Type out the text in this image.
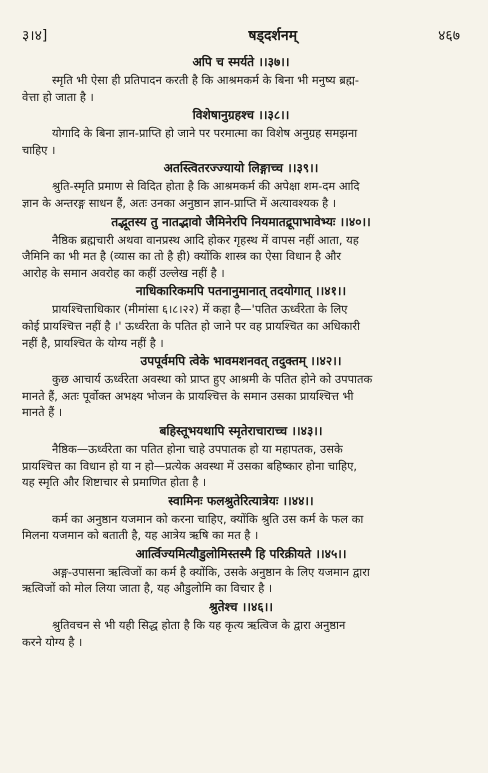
३।४]	षड्दर्शनम्	४६७
अपि च स्मर्यते ।।३७।।
स्मृति भी ऐसा ही प्रतिपादन करती है कि आश्रमकर्म के बिना भी मनुष्य ब्रह्म-
वेत्ता हो जाता है ।
विशेषानुग्रहश्च ।।३८।।
योगादि के बिना ज्ञान-प्राप्ति हो जाने पर परमात्मा का विशेष अनुग्रह समझना
चाहिए ।
अतस्त्वितरज्ज्यायो लिङ्गाच्च ।।३९।।
श्रुति-स्मृति प्रमाण से विदित होता है कि आश्रमकर्म की अपेक्षा शम-दम आदि
ज्ञान के अन्तरङ्ग साधन हैं, अतः उनका अनुष्ठान ज्ञान-प्राप्ति में अत्यावश्यक है ।
तद्भूतस्य तु नातद्भावो जैमिनेरपि नियमातद्रूपाभावेभ्यः ।।४०।।
नैष्ठिक ब्रह्मचारी अथवा वानप्रस्थ आदि होकर गृहस्थ में वापस नहीं आता, यह
जैमिनि का भी मत है (व्यास का तो है ही) क्योंकि शास्त्र का ऐसा विधान है और
आरोह के समान अवरोह का कहीं उल्लेख नहीं है ।
नाधिकारिकमपि पतनानुमानात् तदयोगात् ।।४१।।
प्रायश्चित्ताधिकार (मीमांसा ६।८।२२) में कहा है—'पतित ऊर्ध्वरेता के लिए
कोई प्रायश्चित्त नहीं है ।' ऊर्ध्वरेता के पतित हो जाने पर वह प्रायश्चित का अधिकारी
नहीं है, प्रायश्चित के योग्य नहीं है ।
उपपूर्वमपि त्वेके भावमशनवत् तदुक्तम् ।।४२।।
कुछ आचार्य ऊर्ध्वरेता अवस्था को प्राप्त हुए आश्रमी के पतित होने को उपपातक
मानते हैं, अतः पूर्वोक्त अभक्ष्य भोजन के प्रायश्चित्त के समान उसका प्रायश्चित्त भी
मानते हैं ।
बहिस्तूभयथापि स्मृतेराचाराच्च ।।४३।।
नैष्ठिक—ऊर्ध्वरेता का पतित होना चाहे उपपातक हो या महापतक, उसके
प्रायश्चित्त का विधान हो या न हो—प्रत्येक अवस्था में उसका बहिष्कार होना चाहिए,
यह स्मृति और शिष्टाचार से प्रमाणित होता है ।
स्वामिनः फलश्रुतेरित्यात्रेयः ।।४४।।
कर्म का अनुष्ठान यजमान को करना चाहिए, क्योंकि श्रुति उस कर्म के फल का
मिलना यजमान को बताती है, यह आत्रेय ऋषि का मत है ।
आर्त्विज्यमित्यौडुलोमिस्तस्मै हि परिक्रीयते ।।४५।।
अङ्ग-उपासना ऋत्विजों का कर्म है क्योंकि, उसके अनुष्ठान के लिए यजमान द्वारा
ऋत्विजों को मोल लिया जाता है, यह औडुलोमि का विचार है ।
श्रुतेश्च ।।४६।।
श्रुतिवचन से भी यही सिद्ध होता है कि यह कृत्य ऋत्विज के द्वारा अनुष्ठान
करने योग्य है ।
